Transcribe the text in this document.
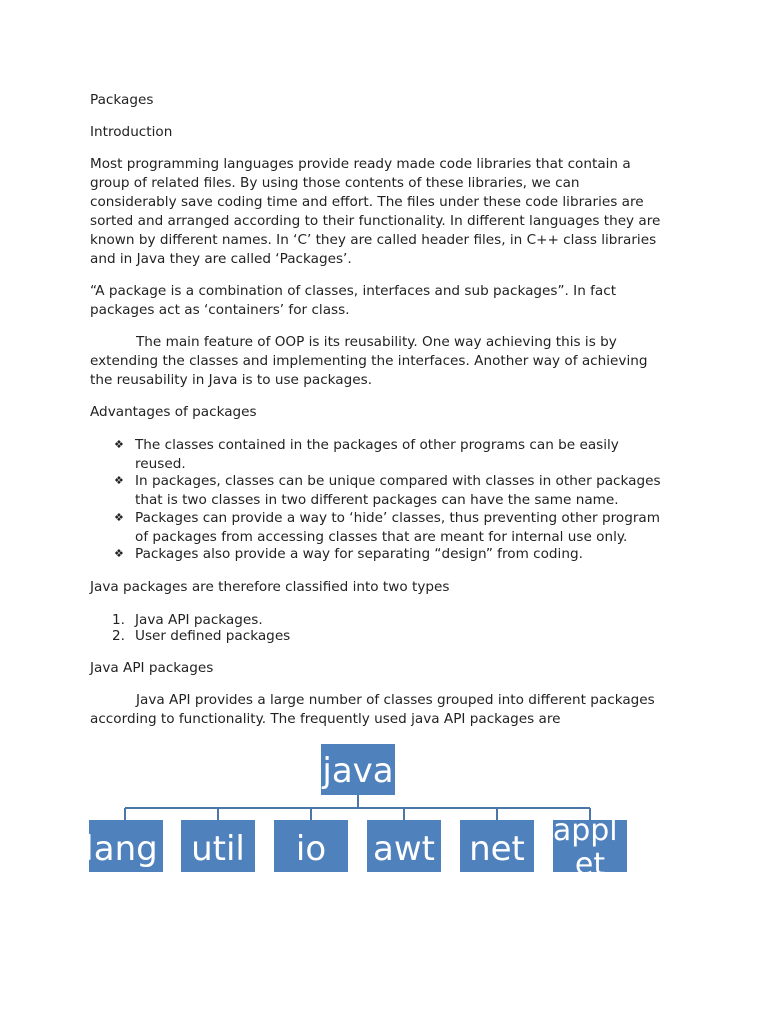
Packages

Introduction

Most programming languages provide ready made code libraries that contain a

group of related files. By using those contents of these libraries, we can

considerably save coding time and effort. The files under these code libraries are

sorted and arranged according to their functionality. In different languages they are

known by different names. In ‘C’ they are called header files, in C++ class libraries

and in Java they are called ‘Packages’.

“A package is a combination of classes, interfaces and sub packages”. In fact

packages act as ‘containers’ for class.

The main feature of OOP is its reusability. One way achieving this is by

extending the classes and implementing the interfaces. Another way of achieving

the reusability in Java is to use packages.

Advantages of packages

❖ The classes contained in the packages of other programs can be easily
reused.
❖ In packages, classes can be unique compared with classes in other packages
that is two classes in two different packages can have the same name.
❖ Packages can provide a way to ‘hide’ classes, thus preventing other program
of packages from accessing classes that are meant for internal use only.
❖ Packages also provide a way for separating “design” from coding.

Java packages are therefore classified into two types

1. Java API packages.
2. User defined packages

Java API packages

Java API provides a large number of classes grouped into different packages

according to functionality. The frequently used java API packages are

java
lang util io awt net appl et
